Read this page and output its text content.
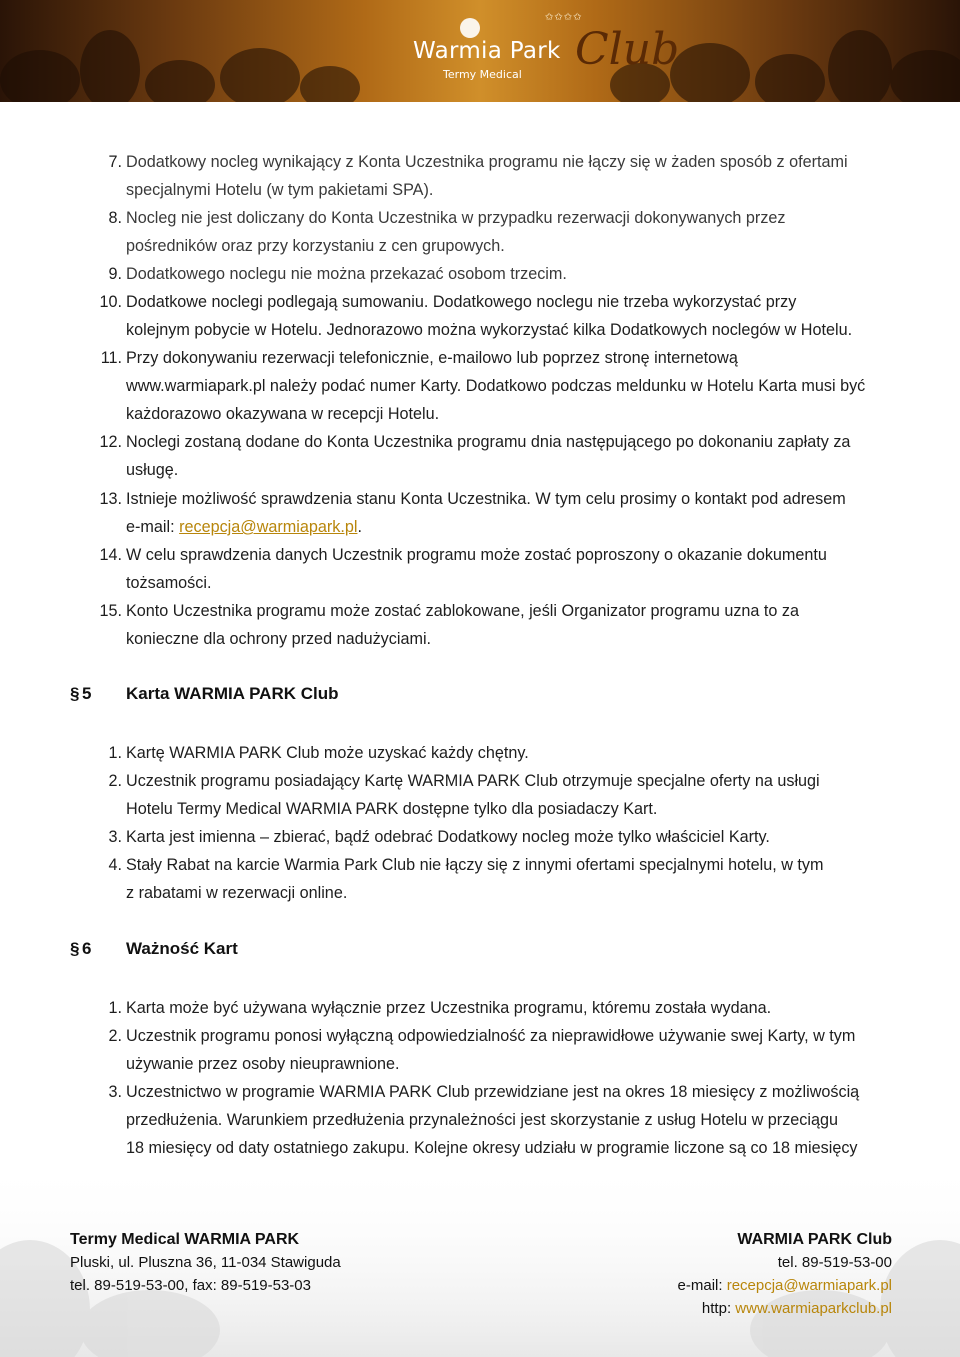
✩✩✩✩
Warmia Park
Termy Medical Club
7. Dodatkowy nocleg wynikający z Konta Uczestnika programu nie łączy się w żaden sposób z ofertami
specjalnymi Hotelu (w tym pakietami SPA).
8. Nocleg nie jest doliczany do Konta Uczestnika w przypadku rezerwacji dokonywanych przez
pośredników oraz przy korzystaniu z cen grupowych.
9. Dodatkowego noclegu nie można przekazać osobom trzecim.
10. Dodatkowe noclegi podlegają sumowaniu. Dodatkowego noclegu nie trzeba wykorzystać przy
kolejnym pobycie w Hotelu. Jednorazowo można wykorzystać kilka Dodatkowych noclegów w Hotelu.
11. Przy dokonywaniu rezerwacji telefonicznie, e-mailowo lub poprzez stronę internetową
www.warmiapark.pl należy podać numer Karty. Dodatkowo podczas meldunku w Hotelu Karta musi być
każdorazowo okazywana w recepcji Hotelu.
12. Noclegi zostaną dodane do Konta Uczestnika programu dnia następującego po dokonaniu zapłaty za
usługę.
13. Istnieje możliwość sprawdzenia stanu Konta Uczestnika. W tym celu prosimy o kontakt pod adresem
e-mail: recepcja@warmiapark.pl.
14. W celu sprawdzenia danych Uczestnik programu może zostać poproszony o okazanie dokumentu
tożsamości.
15. Konto Uczestnika programu może zostać zablokowane, jeśli Organizator programu uzna to za
konieczne dla ochrony przed nadużyciami.
§ 5 Karta WARMIA PARK Club
1. Kartę WARMIA PARK Club może uzyskać każdy chętny.
2. Uczestnik programu posiadający Kartę WARMIA PARK Club otrzymuje specjalne oferty na usługi
Hotelu Termy Medical WARMIA PARK dostępne tylko dla posiadaczy Kart.
3. Karta jest imienna – zbierać, bądź odebrać Dodatkowy nocleg może tylko właściciel Karty.
4. Stały Rabat na karcie Warmia Park Club nie łączy się z innymi ofertami specjalnymi hotelu, w tym
z rabatami w rezerwacji online.
§ 6 Ważność Kart
1. Karta może być używana wyłącznie przez Uczestnika programu, któremu została wydana.
2. Uczestnik programu ponosi wyłączną odpowiedzialność za nieprawidłowe używanie swej Karty, w tym
używanie przez osoby nieuprawnione.
3. Uczestnictwo w programie WARMIA PARK Club przewidziane jest na okres 18 miesięcy z możliwością
przedłużenia. Warunkiem przedłużenia przynależności jest skorzystanie z usług Hotelu w przeciągu
18 miesięcy od daty ostatniego zakupu. Kolejne okresy udziału w programie liczone są co 18 miesięcy
Termy Medical WARMIA PARK
Pluski, ul. Pluszna 36, 11-034 Stawiguda
tel. 89-519-53-00, fax: 89-519-53-03
WARMIA PARK Club
tel. 89-519-53-00
e-mail: recepcja@warmiapark.pl
http: www.warmiaparkclub.pl
